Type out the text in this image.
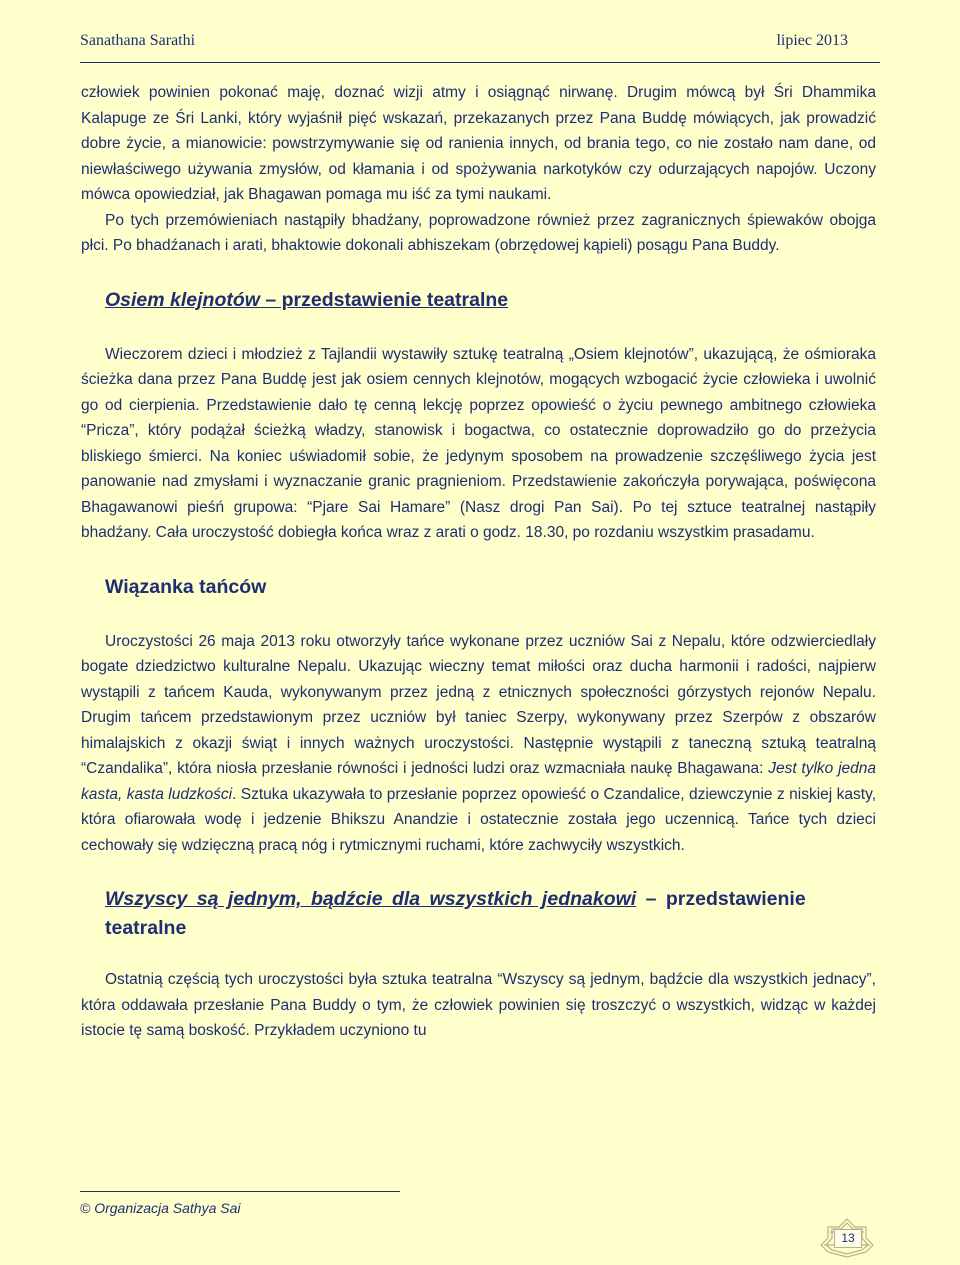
Sanathana Sarathi	lipiec 2013

człowiek powinien pokonać maję, doznać wizji atmy i osiągnąć nirwanę. Drugim mówcą był Śri Dhammika Kalapuge ze Śri Lanki, który wyjaśnił pięć wskazań, przekazanych przez Pana Buddę mówiących, jak prowadzić dobre życie, a mianowicie: powstrzymywanie się od ranienia innych, od brania tego, co nie zostało nam dane, od niewłaściwego używania zmysłów, od kłamania i od spożywania narkotyków czy odurzających napojów. Uczony mówca opowiedział, jak Bhagawan pomaga mu iść za tymi naukami.

Po tych przemówieniach nastąpiły bhadźany, poprowadzone również przez zagranicznych śpiewaków obojga płci. Po bhadźanach i arati, bhaktowie dokonali abhiszekam (obrzędowej kąpieli) posągu Pana Buddy.

Osiem klejnotów – przedstawienie teatralne

Wieczorem dzieci i młodzież z Tajlandii wystawiły sztukę teatralną „Osiem klejnotów”, ukazującą, że ośmioraka ścieżka dana przez Pana Buddę jest jak osiem cennych klejnotów, mogących wzbogacić życie człowieka i uwolnić go od cierpienia. Przedstawienie dało tę cenną lekcję poprzez opowieść o życiu pewnego ambitnego człowieka “Pricza”, który podążał ścieżką władzy, stanowisk i bogactwa, co ostatecznie doprowadziło go do przeżycia bliskiego śmierci. Na koniec uświadomił sobie, że jedynym sposobem na prowadzenie szczęśliwego życia jest panowanie nad zmysłami i wyznaczanie granic pragnieniom. Przedstawienie zakończyła porywająca, poświęcona Bhagawanowi pieśń grupowa: “Pjare Sai Hamare” (Nasz drogi Pan Sai). Po tej sztuce teatralnej nastąpiły bhadźany. Cała uroczystość dobiegła końca wraz z arati o godz. 18.30, po rozdaniu wszystkim prasadamu.

Wiązanka tańców

Uroczystości 26 maja 2013 roku otworzyły tańce wykonane przez uczniów Sai z Nepalu, które odzwierciedlały bogate dziedzictwo kulturalne Nepalu. Ukazując wieczny temat miłości oraz ducha harmonii i radości, najpierw wystąpili z tańcem Kauda, wykonywanym przez jedną z etnicznych społeczności górzystych rejonów Nepalu. Drugim tańcem przedstawionym przez uczniów był taniec Szerpy, wykonywany przez Szerpów z obszarów himalajskich z okazji świąt i innych ważnych uroczystości. Następnie wystąpili z taneczną sztuką teatralną “Czandalika”, która niosła przesłanie równości i jedności ludzi oraz wzmacniała naukę Bhagawana: Jest tylko jedna kasta, kasta ludzkości. Sztuka ukazywała to przesłanie poprzez opowieść o Czandalice, dziewczynie z niskiej kasty, która ofiarowała wodę i jedzenie Bhikszu Anandzie i ostatecznie została jego uczennicą. Tańce tych dzieci cechowały się wdzięczną pracą nóg i rytmicznymi ruchami, które zachwyciły wszystkich.

Wszyscy są jednym, bądźcie dla wszystkich jednakowi – przedstawienie teatralne

Ostatnią częścią tych uroczystości była sztuka teatralna “Wszyscy są jednym, bądźcie dla wszystkich jednacy”, która oddawała przesłanie Pana Buddy o tym, że człowiek powinien się troszczyć o wszystkich, widząc w każdej istocie tę samą boskość. Przykładem uczyniono tu

© Organizacja Sathya Sai
13
